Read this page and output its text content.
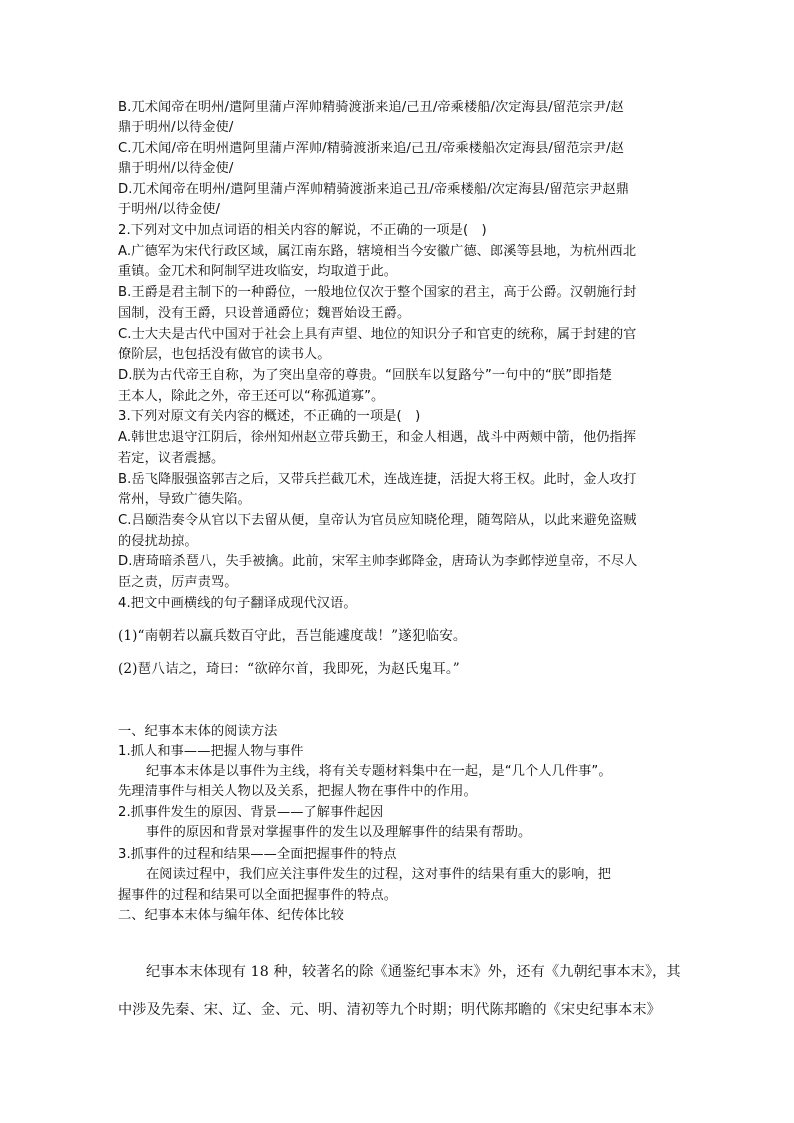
B.兀术闻帝在明州/遣阿里蒲卢浑帅精骑渡浙来追/己丑/帝乘楼船/次定海县/留范宗尹/赵
鼎于明州/以待金使/
C.兀术闻/帝在明州遣阿里蒲卢浑帅/精骑渡浙来追/己丑/帝乘楼船次定海县/留范宗尹/赵
鼎于明州/以待金使/
D.兀术闻帝在明州/遣阿里蒲卢浑帅精骑渡浙来追己丑/帝乘楼船/次定海县/留范宗尹赵鼎
于明州/以待金使/
2.下列对文中加点词语的相关内容的解说，不正确的一项是(　)
A.广德军为宋代行政区域，属江南东路，辖境相当今安徽广德、郎溪等县地，为杭州西北
重镇。金兀术和阿制罕进攻临安，均取道于此。
B.王爵是君主制下的一种爵位，一般地位仅次于整个国家的君主，高于公爵。汉朝施行封
国制，没有王爵，只设普通爵位；魏晋始设王爵。
C.士大夫是古代中国对于社会上具有声望、地位的知识分子和官吏的统称，属于封建的官
僚阶层，也包括没有做官的读书人。
D.朕为古代帝王自称，为了突出皇帝的尊贵。“回朕车以复路兮”一句中的“朕”即指楚
王本人，除此之外，帝王还可以“称孤道寡”。
3.下列对原文有关内容的概述，不正确的一项是(　)
A.韩世忠退守江阴后，徐州知州赵立带兵勤王，和金人相遇，战斗中两颊中箭，他仍指挥
若定，议者震撼。
B.岳飞降服强盗郭吉之后，又带兵拦截兀术，连战连捷，活捉大将王权。此时，金人攻打
常州，导致广德失陷。
C.吕颐浩奏令从官以下去留从便，皇帝认为官员应知晓伦理，随驾陪从，以此来避免盗贼
的侵扰劫掠。
D.唐琦暗杀琶八，失手被擒。此前，宋军主帅李邺降金，唐琦认为李邺悖逆皇帝，不尽人
臣之责，厉声责骂。
4.把文中画横线的句子翻译成现代汉语。
(1)“南朝若以羸兵数百守此，吾岂能遽度哉！”遂犯临安。
(2)琶八诘之，琦曰：“欲碎尔首，我即死，为赵氏鬼耳。”
一、纪事本末体的阅读方法
1.抓人和事——把握人物与事件
纪事本末体是以事件为主线，将有关专题材料集中在一起，是“几个人几件事”。
先理清事件与相关人物以及关系，把握人物在事件中的作用。
2.抓事件发生的原因、背景——了解事件起因
事件的原因和背景对掌握事件的发生以及理解事件的结果有帮助。
3.抓事件的过程和结果——全面把握事件的特点
在阅读过程中，我们应关注事件发生的过程，这对事件的结果有重大的影响，把
握事件的过程和结果可以全面把握事件的特点。
二、纪事本末体与编年体、纪传体比较
纪事本末体现有 18 种，较著名的除《通鉴纪事本末》外，还有《九朝纪事本末》，其
中涉及先秦、宋、辽、金、元、明、清初等九个时期；明代陈邦瞻的《宋史纪事本末》
